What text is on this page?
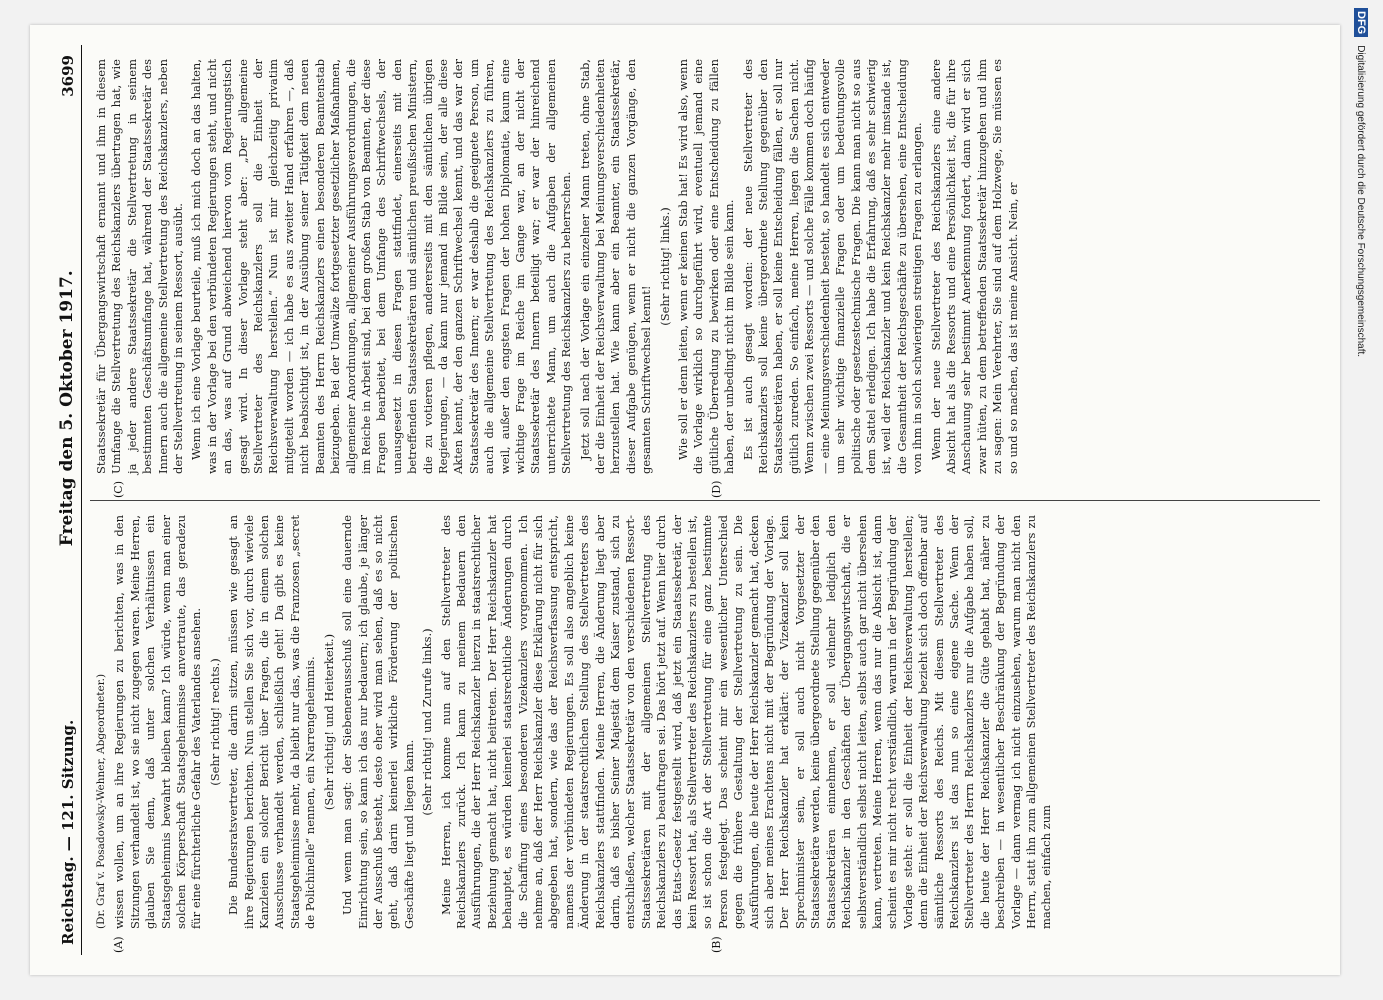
Reichstag. — 121. Sitzung.
Freitag den 5. Oktober 1917.
3699
(A)	(B)

(Dr. Graf v. Posadowsky-Wehner, Abgeordneter.) wissen wollen, um an ihre Regierungen zu berichten, was in den Sitzungen verhandelt ist, wo sie nicht zugegen waren. Meine Herren, glauben Sie denn, daß unter solchen Verhältnissen ein Staatsgeheimnis bewahrt bleiben kann? Ich würde, wenn man einer solchen Körperschaft Staatsgeheimnisse anvertraute, das geradezu für eine fürchterliche Gefahr des Vaterlandes ansehen. (Sehr richtig! rechts.) Die Bundesratsvertreter, die darin sitzen, müssen wie gesagt an ihre Regierungen berichten. Nun stellen Sie sich vor, durch wieviele Kanzleien ein solcher Bericht über Fragen, die in einem solchen Ausschusse verhandelt werden, schließlich geht! Da gibt es keine Staatsgeheimnisse mehr, da bleibt nur das, was die Franzosen „secret de Polichinelle“ nennen, ein Narrengeheimnis. (Sehr richtig! und Heiterkeit.) Und wenn man sagt: der Siebenerausschuß soll eine dauernde Einrichtung sein, so kann ich das nur bedauern; ich glaube, je länger der Ausschuß besteht, desto eher wird man sehen, daß es so nicht geht, daß darin keinerlei wirkliche Förderung der politischen Geschäfte liegt und liegen kann.

(Sehr richtig! und Zurufe links.) Meine Herren, ich komme nun auf den Stellvertreter des Reichskanzlers zurück. Ich kann zu meinem Bedauern den Ausführungen, die der Herr Reichskanzler hierzu in staatsrechtlicher Beziehung gemacht hat, nicht beitreten. Der Herr Reichskanzler hat behauptet, es würden keinerlei staatsrechtliche Änderungen durch die Schaffung eines besonderen Vizekanzlers vorgenommen. Ich nehme an, daß der Herr Reichskanzler diese Erklärung nicht für sich abgegeben hat, sondern, wie das der Reichsverfassung entspricht, namens der verbündeten Regierungen. Es soll also angeblich keine Änderung in der staatsrechtlichen Stellung des Stellvertreters des Reichskanzlers stattfinden. Meine Herren, die Änderung liegt aber darin, daß es bisher Seiner Majestät dem Kaiser zustand, sich zu entschließen, welcher Staatssekretär von den verschiedenen Ressort-Staatssekretären mit der allgemeinen Stellvertretung des Reichskanzlers zu beauftragen sei. Das hört jetzt auf. Wenn hier durch das Etats-Gesetz festgestellt wird, daß jetzt ein Staatssekretär, der kein Ressort hat, als Stellvertreter des Reichskanzlers zu bestellen ist, so ist schon die Art der Stellvertretung für eine ganz bestimmte Person festgelegt. Das scheint mir ein wesentlicher Unterschied gegen die frühere Gestaltung der Stellvertretung zu sein. Die Ausführungen, die heute der Herr Reichskanzler gemacht hat, decken sich aber meines Erachtens nicht mit der Begründung der Vorlage. Der Herr Reichskanzler hat erklärt: der Vizekanzler soll kein Sprechminister sein, er soll auch nicht Vorgesetzter der Staatssekretäre werden, keine übergeordnete Stellung gegenüber den Staatssekretären einnehmen, er soll vielmehr lediglich den Reichskanzler in den Geschäften der Übergangswirtschaft, die er selbstverständlich selbst nicht leiten, selbst auch gar nicht übersehen kann, vertreten. Meine Herren, wenn das nur die Absicht ist, dann scheint es mir nicht recht verständlich, warum in der Begründung der Vorlage steht: er soll die Einheit der Reichsverwaltung herstellen; denn die Einheit der Reichsverwaltung bezieht sich doch offenbar auf sämtliche Ressorts des Reichs. Mit diesem Stellvertreter des Reichskanzlers ist das nun so eine eigene Sache. Wenn der Stellvertreter des Herrn Reichskanzlers nur die Aufgabe haben soll, die heute der Herr Reichskanzler die Güte gehabt hat, näher zu beschreiben — in wesentlicher Beschränkung der Begründung der Vorlage — dann vermag ich nicht einzusehen, warum man nicht den Herrn, statt ihn zum allgemeinen Stellvertreter des Reichskanzlers zu machen, einfach zum

(C)	(D)

Staatssekretär für Übergangswirtschaft ernannt und ihm in diesem Umfange die Stellvertretung des Reichskanzlers übertragen hat, wie ja jeder andere Staatssekretär die Stellvertretung in seinem bestimmten Geschäftsumfange hat, während der Staatssekretär des Innern auch die allgemeine Stellvertretung des Reichskanzlers, neben der Stellvertretung in seinem Ressort, ausübt. Wenn ich eine Vorlage beurteile, muß ich mich doch an das halten, was in der Vorlage bei den verbündeten Regierungen steht, und nicht an das, was auf Grund abweichend hiervon vom Regierungstisch gesagt wird. In dieser Vorlage steht aber: „Der allgemeine Stellvertreter des Reichskanzlers soll die Einheit der Reichsverwaltung herstellen.“ Nun ist mir gleichzeitig privatim mitgeteilt worden — ich habe es aus zweiter Hand erfahren —, daß nicht beabsichtigt ist, in der Ausübung seiner Tätigkeit dem neuen Beamten des Herrn Reichskanzlers einen besonderen Beamtenstab beizugeben. Bei der Umwälze fortgesetzter gesetzlicher Maßnahmen, allgemeiner Anordnungen, allgemeiner Ausführungsverordnungen, die im Reiche in Arbeit sind, bei dem großen Stab von Beamten, der diese Fragen bearbeitet, bei dem Umfange des Schriftwechsels, der unausgesetzt in diesen Fragen stattfindet, einerseits mit den betreffenden Staatssekretären und sämtlichen preußischen Ministern, die zu votieren pflegen, andererseits mit den sämtlichen übrigen Regierungen, — da kann nur jemand im Bilde sein, der alle diese Akten kennt, der den ganzen Schriftwechsel kennt, und das war der Staatssekretär des Innern; er war deshalb die geeignete Person, um auch die allgemeine Stellvertretung des Reichskanzlers zu führen, weil, außer den engsten Fragen der hohen Diplomatie, kaum eine wichtige Frage im Reiche im Gange war, an der nicht der Staatssekretär des Innern beteiligt war; er war der hinreichend unterrichtete Mann, um auch die Aufgaben der allgemeinen Stellvertretung des Reichskanzlers zu beherrschen. Jetzt soll nach der Vorlage ein einzelner Mann treten, ohne Stab, der die Einheit der Reichsverwaltung bei Meinungsverschiedenheiten herzustellen hat. Wie kann aber ein Beamter, ein Staatssekretär, dieser Aufgabe genügen, wenn er nicht die ganzen Vorgänge, den gesamten Schriftwechsel kennt!

(Sehr richtig! links.) Wie soll er denn leiten, wenn er keinen Stab hat! Es wird also, wenn die Vorlage wirklich so durchgeführt wird, eventuell jemand eine gütliche Überredung zu bewirken oder eine Entscheidung zu fällen haben, der unbedingt nicht im Bilde sein kann. Es ist auch gesagt worden: der neue Stellvertreter des Reichskanzlers soll keine übergeordnete Stellung gegenüber den Staatssekretären haben, er soll keine Entscheidung fällen, er soll nur gütlich zureden. So einfach, meine Herren, liegen die Sachen nicht. Wenn zwischen zwei Ressorts — und solche Fälle kommen doch häufig — eine Meinungsverschiedenheit besteht, so handelt es sich entweder um sehr wichtige finanzielle Fragen oder um bedeutungsvolle politische oder gesetzestechnische Fragen. Die kann man nicht so aus dem Sattel erledigen. Ich habe die Erfahrung, daß es sehr schwierig ist, weil der Reichskanzler und kein Reichskanzler mehr imstande ist, die Gesamtheit der Reichsgeschäfte zu übersehen, eine Entscheidung von ihm in solch schwierigen streitigen Fragen zu erlangen. Wenn der neue Stellvertreter des Reichskanzlers eine andere Absicht hat als die Ressorts und eine Persönlichkeit ist, die für ihre Anschauung sehr bestimmt Anerkennung fordert, dann wird er sich zwar hüten, zu dem betreffenden Staatssekretär hinzugehen und ihm zu sagen: Mein Verehrter, Sie sind auf dem Holzwege, Sie müssen es so und so machen, das ist meine Ansicht. Nein, er

DFG
Digitalisierung gefördert durch die Deutsche Forschungsgemeinschaft.
